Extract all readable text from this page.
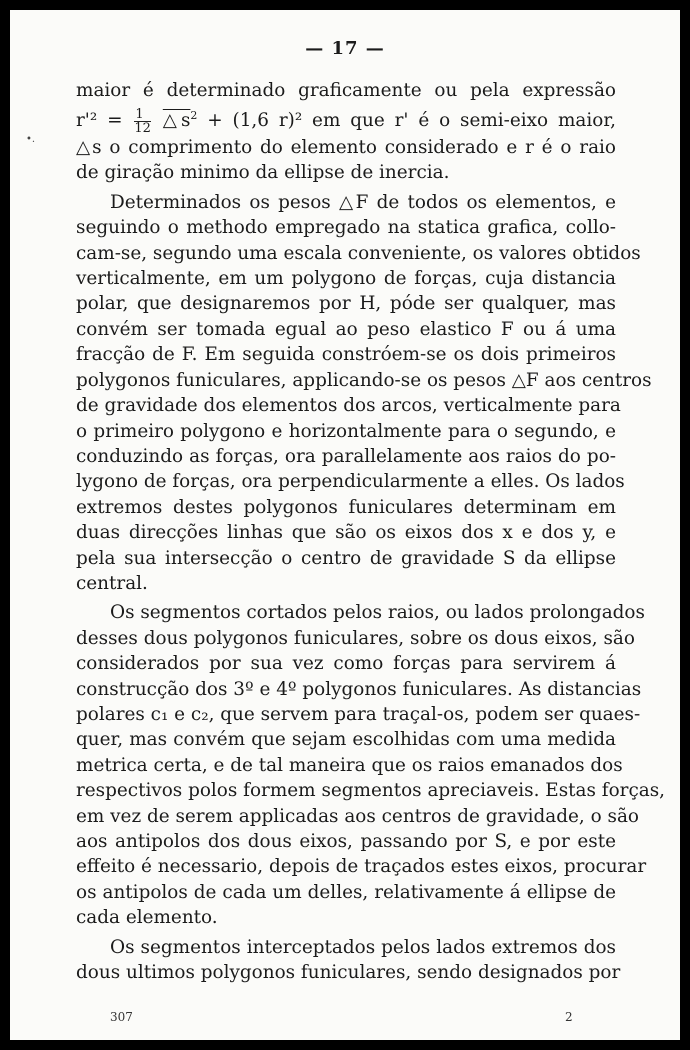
— 17 —
•.

maior é determinado graficamente ou pela expressão
$r'^2 = \frac{1}{12}$ $\triangle s^2 + (1,6$ r)² em que r' é o semi-eixo maior,
△s o comprimento do elemento considerado e r é o raio
de giração minimo da ellipse de inercia.

Determinados os pesos △F de todos os elementos, e
seguindo o methodo empregado na statica grafica, collo-
cam-se, segundo uma escala conveniente, os valores obtidos
verticalmente, em um polygono de forças, cuja distancia
polar, que designaremos por H, póde ser qualquer, mas
convém ser tomada egual ao peso elastico F ou á uma
fracção de F. Em seguida constróem-se os dois primeiros
polygonos funiculares, applicando-se os pesos △F aos centros
de gravidade dos elementos dos arcos, verticalmente para
o primeiro polygono e horizontalmente para o segundo, e
conduzindo as forças, ora parallelamente aos raios do po-
lygono de forças, ora perpendicularmente a elles. Os lados
extremos destes polygonos funiculares determinam em
duas direcções linhas que são os eixos dos x e dos y, e
pela sua intersecção o centro de gravidade S da ellipse
central.

Os segmentos cortados pelos raios, ou lados prolongados
desses dous polygonos funiculares, sobre os dous eixos, são
considerados por sua vez como forças para servirem á
construcção dos 3º e 4º polygonos funiculares. As distancias
polares c₁ e c₂, que servem para traçal-os, podem ser quaes-
quer, mas convém que sejam escolhidas com uma medida
metrica certa, e de tal maneira que os raios emanados dos
respectivos polos formem segmentos apreciaveis. Estas forças,
em vez de serem applicadas aos centros de gravidade, o são
aos antipolos dos dous eixos, passando por S, e por este
effeito é necessario, depois de traçados estes eixos, procurar
os antipolos de cada um delles, relativamente á ellipse de
cada elemento.

Os segmentos interceptados pelos lados extremos dos
dous ultimos polygonos funiculares, sendo designados por

307	2
